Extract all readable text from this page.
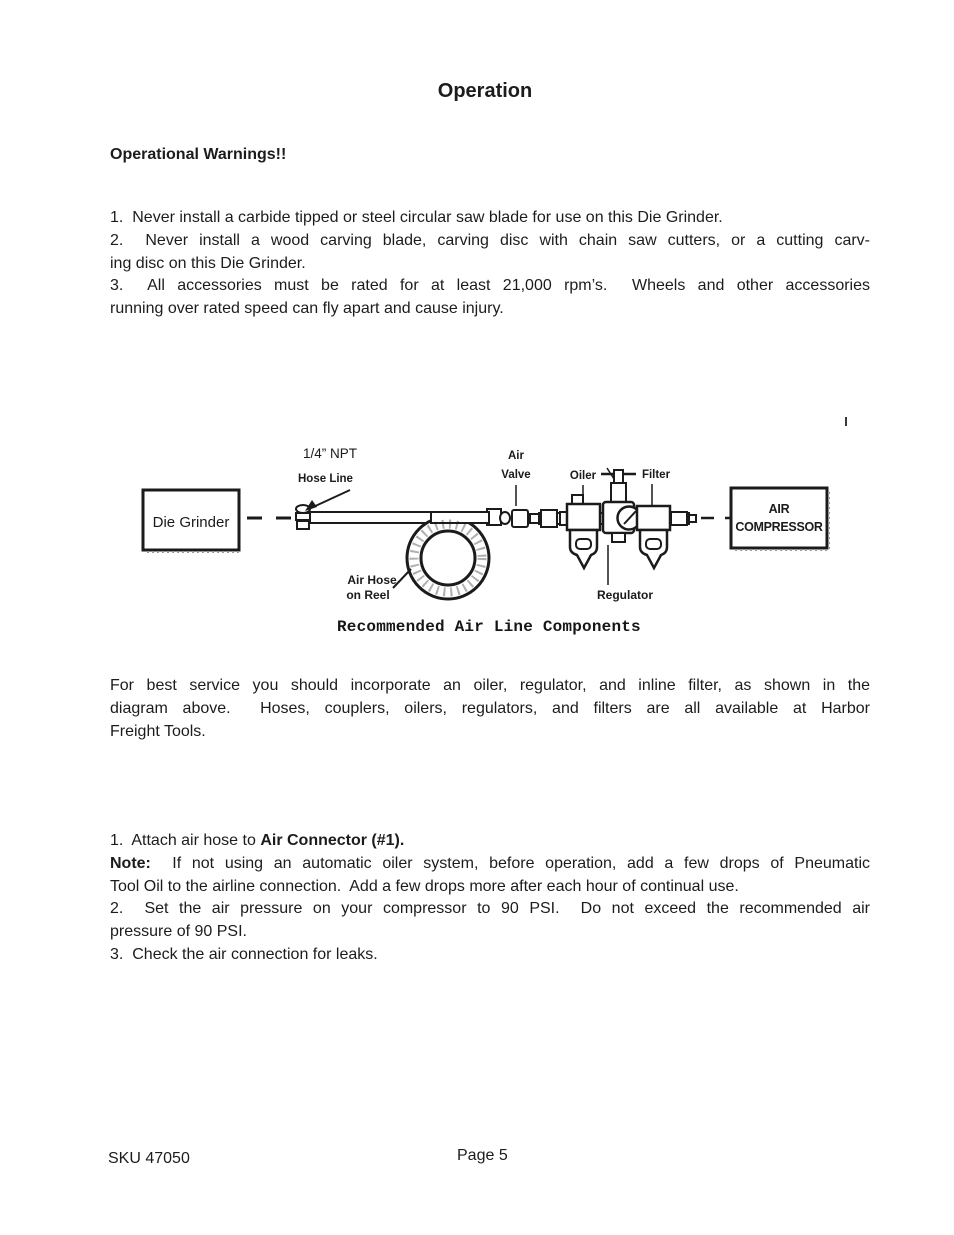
Operation
Operational Warnings!!
1.  Never install a carbide tipped or steel circular saw blade for use on this Die Grinder.
2.  Never install a wood carving blade, carving disc with chain saw cutters, or a cutting carv-
ing disc on this Die Grinder.
3.  All accessories must be rated for at least 21,000 rpm’s.  Wheels and other accessories
running over rated speed can fly apart and cause injury.
Die Grinder
1/4” NPT
Hose Line
Air Hose
on Reel
Air
Valve	Oiler
Regulator
Filter
AIR
COMPRESSOR
Recommended Air Line Components
For best service you should incorporate an oiler, regulator, and inline filter, as shown in the
diagram above.  Hoses, couplers, oilers, regulators, and filters are all available at Harbor
Freight Tools.
1.  Attach air hose to Air Connector (#1).
Note:  If not using an automatic oiler system, before operation, add a few drops of Pneumatic
Tool Oil to the airline connection.  Add a few drops more after each hour of continual use.
2.  Set the air pressure on your compressor to 90 PSI.  Do not exceed the recommended air
pressure of 90 PSI.
3.  Check the air connection for leaks.
SKU 47050	Page 5
